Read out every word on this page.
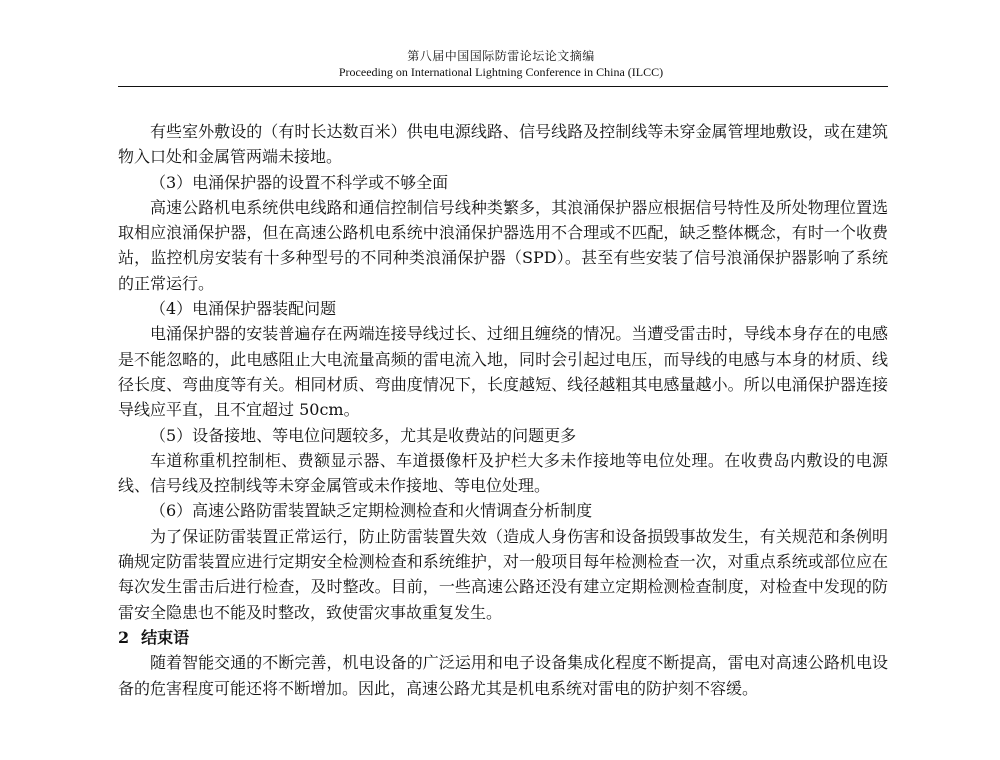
第八届中国国际防雷论坛论文摘编
Proceeding on International Lightning Conference in China (ILCC)

有些室外敷设的（有时长达数百米）供电电源线路、信号线路及控制线等未穿金属管埋地敷设，或在建筑物入口处和金属管两端未接地。

（3）电涌保护器的设置不科学或不够全面

高速公路机电系统供电线路和通信控制信号线种类繁多，其浪涌保护器应根据信号特性及所处物理位置选取相应浪涌保护器，但在高速公路机电系统中浪涌保护器选用不合理或不匹配，缺乏整体概念，有时一个收费站，监控机房安装有十多种型号的不同种类浪涌保护器（SPD）。甚至有些安装了信号浪涌保护器影响了系统的正常运行。

（4）电涌保护器装配问题

电涌保护器的安装普遍存在两端连接导线过长、过细且缠绕的情况。当遭受雷击时，导线本身存在的电感是不能忽略的，此电感阻止大电流量高频的雷电流入地，同时会引起过电压，而导线的电感与本身的材质、线径长度、弯曲度等有关。相同材质、弯曲度情况下，长度越短、线径越粗其电感量越小。所以电涌保护器连接导线应平直，且不宜超过 50cm。

（5）设备接地、等电位问题较多，尤其是收费站的问题更多

车道称重机控制柜、费额显示器、车道摄像杆及护栏大多未作接地等电位处理。在收费岛内敷设的电源线、信号线及控制线等未穿金属管或未作接地、等电位处理。

（6）高速公路防雷装置缺乏定期检测检查和火情调查分析制度

为了保证防雷装置正常运行，防止防雷装置失效（造成人身伤害和设备损毁事故发生，有关规范和条例明确规定防雷装置应进行定期安全检测检查和系统维护，对一般项目每年检测检查一次，对重点系统或部位应在每次发生雷击后进行检查，及时整改。目前，一些高速公路还没有建立定期检测检查制度，对检查中发现的防雷安全隐患也不能及时整改，致使雷灾事故重复发生。

2 结束语

随着智能交通的不断完善，机电设备的广泛运用和电子设备集成化程度不断提高，雷电对高速公路机电设备的危害程度可能还将不断增加。因此，高速公路尤其是机电系统对雷电的防护刻不容缓。
